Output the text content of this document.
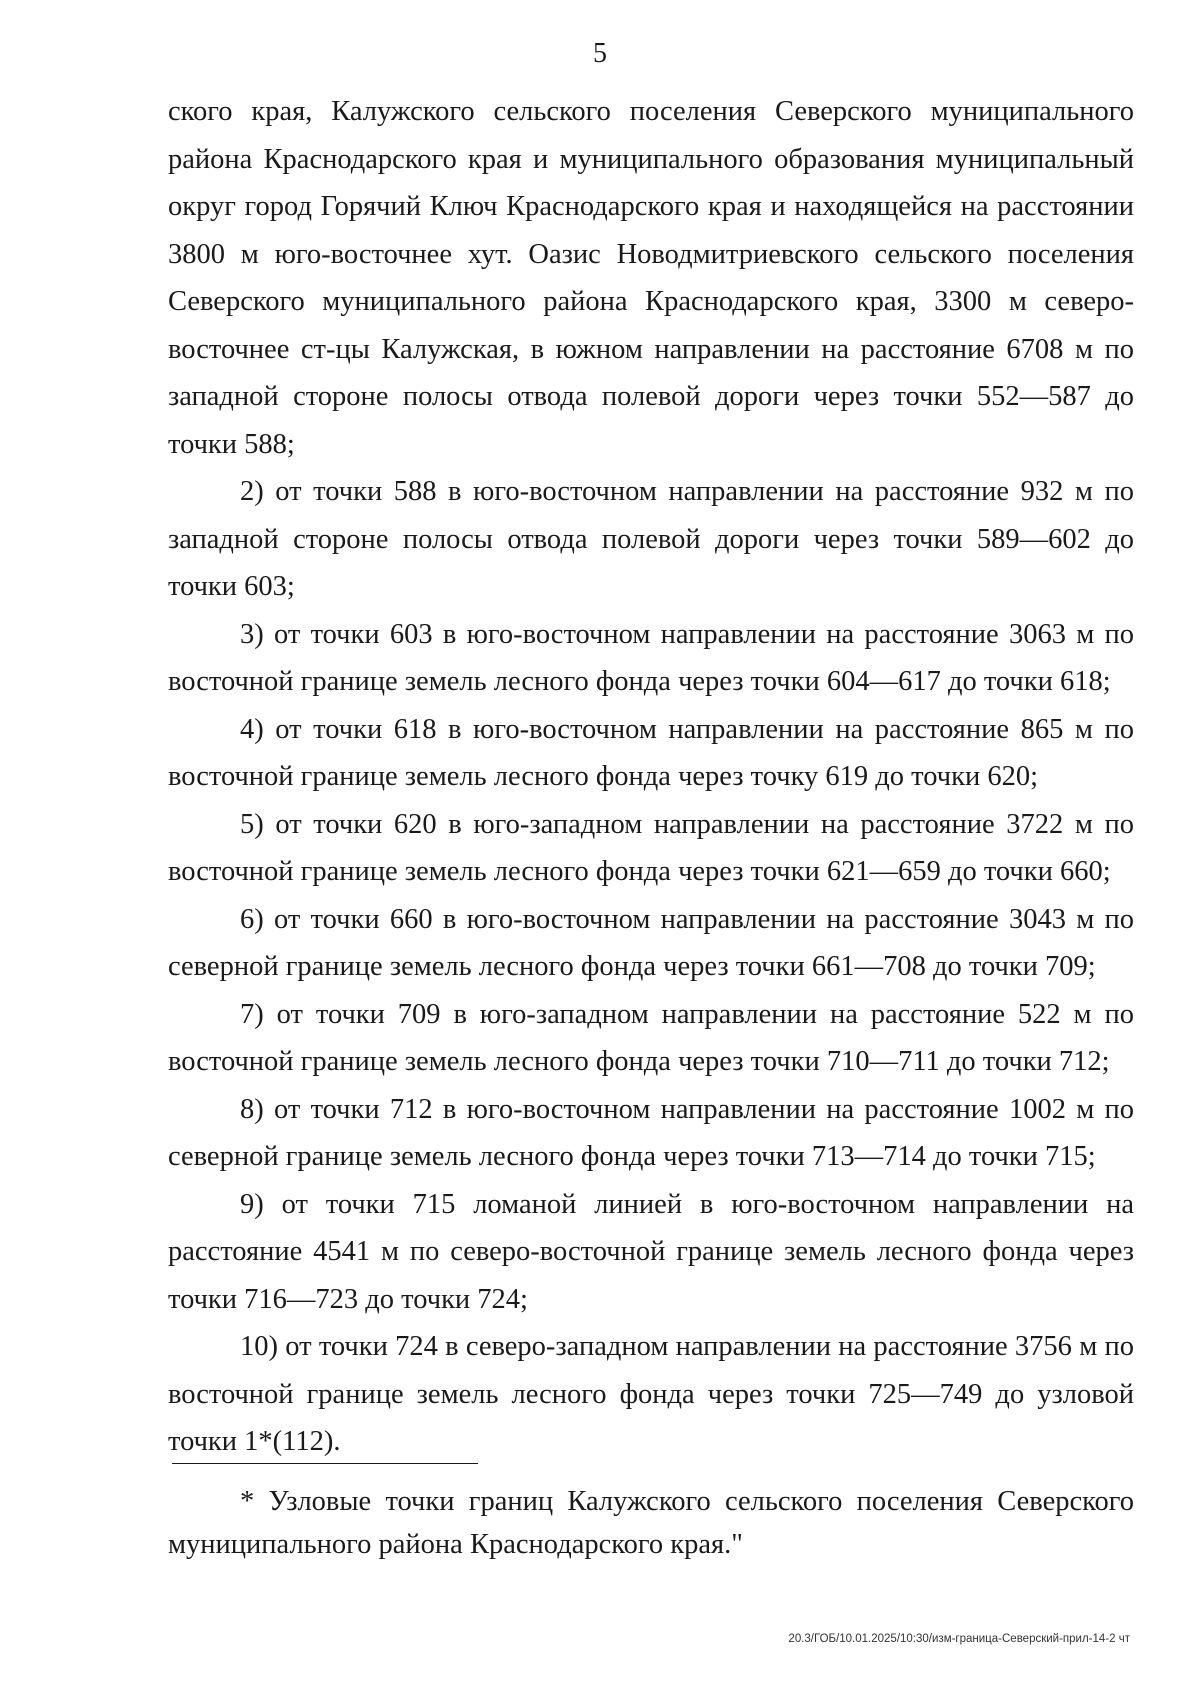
5

ского края, Калужского сельского поселения Северского муниципального района Краснодарского края и муниципального образования муниципальный округ город Горячий Ключ Краснодарского края и находящейся на расстоянии 3800 м юго-восточнее хут. Оазис Новодмитриевского сельского поселения Северского муниципального района Краснодарского края, 3300 м северо-восточнее ст-цы Калужская, в южном направлении на расстояние 6708 м по западной стороне полосы отвода полевой дороги через точки 552—587 до точки 588;

2) от точки 588 в юго-восточном направлении на расстояние 932 м по западной стороне полосы отвода полевой дороги через точки 589—602 до точки 603;

3) от точки 603 в юго-восточном направлении на расстояние 3063 м по восточной границе земель лесного фонда через точки 604—617 до точки 618;

4) от точки 618 в юго-восточном направлении на расстояние 865 м по восточной границе земель лесного фонда через точку 619 до точки 620;

5) от точки 620 в юго-западном направлении на расстояние 3722 м по восточной границе земель лесного фонда через точки 621—659 до точки 660;

6) от точки 660 в юго-восточном направлении на расстояние 3043 м по северной границе земель лесного фонда через точки 661—708 до точки 709;

7) от точки 709 в юго-западном направлении на расстояние 522 м по восточной границе земель лесного фонда через точки 710—711 до точки 712;

8) от точки 712 в юго-восточном направлении на расстояние 1002 м по северной границе земель лесного фонда через точки 713—714 до точки 715;

9) от точки 715 ломаной линией в юго-восточном направлении на расстояние 4541 м по северо-восточной границе земель лесного фонда через точки 716—723 до точки 724;

10) от точки 724 в северо-западном направлении на расстояние 3756 м по восточной границе земель лесного фонда через точки 725—749 до узловой точки 1*(112).

* Узловые точки границ Калужского сельского поселения Северского муниципального района Краснодарского края."

20.3/ГОБ/10.01.2025/10:30/изм-граница-Северский-прил-14-2 чт
